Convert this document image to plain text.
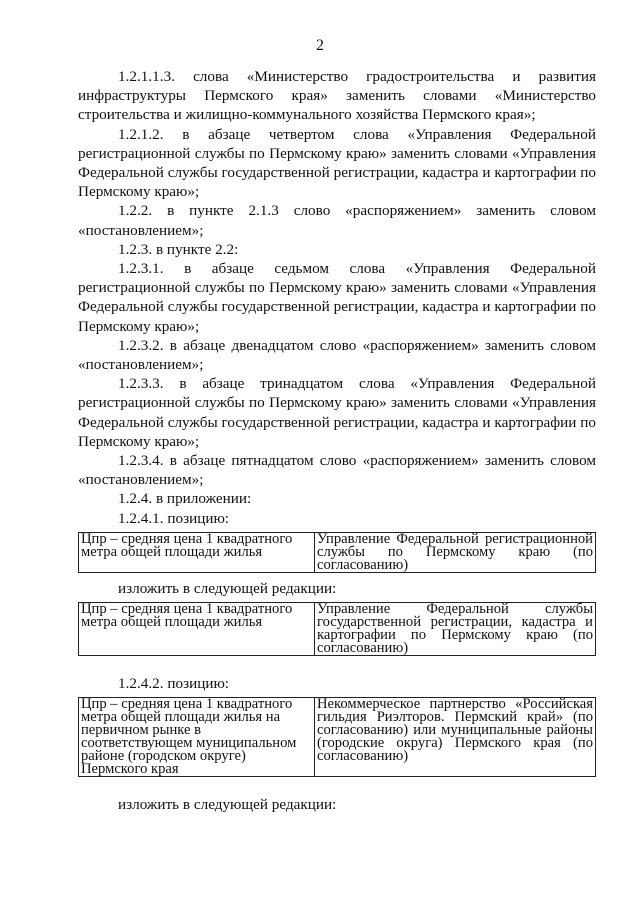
2

1.2.1.1.3. слова «Министерство градостроительства и развития

инфраструктуры Пермского края» заменить словами «Министерство строительства и жилищно-коммунального хозяйства Пермского края»;

1.2.1.2. в абзаце четвертом слова «Управления Федеральной

регистрационной службы по Пермскому краю» заменить словами «Управления Федеральной службы государственной регистрации, кадастра и картографии по Пермскому краю»;

1.2.2. в пункте 2.1.3 слово «распоряжением» заменить словом

«постановлением»;

1.2.3. в пункте 2.2:

1.2.3.1. в абзаце седьмом слова «Управления Федеральной

регистрационной службы по Пермскому краю» заменить словами «Управления Федеральной службы государственной регистрации, кадастра и картографии по Пермскому краю»;

1.2.3.2. в абзаце двенадцатом слово «распоряжением» заменить словом

«постановлением»;

1.2.3.3. в абзаце тринадцатом слова «Управления Федеральной

регистрационной службы по Пермскому краю» заменить словами «Управления Федеральной службы государственной регистрации, кадастра и картографии по Пермскому краю»;

1.2.3.4. в абзаце пятнадцатом слово «распоряжением» заменить словом

«постановлением»;

1.2.4. в приложении:

1.2.4.1. позицию:

Цпр – средняя цена 1 квадратного метра общей площади жилья	Управление Федеральной регистрационной службы по Пермскому краю (по согласованию)

изложить в следующей редакции:

Цпр – средняя цена 1 квадратного метра общей площади жилья	Управление Федеральной службы государственной регистрации, кадастра и картографии по Пермскому краю (по согласованию)

1.2.4.2. позицию:

Цпр – средняя цена 1 квадратного метра общей площади жилья на первичном рынке в соответствующем муниципальном районе (городском округе) Пермского края	Некоммерческое партнерство «Российская гильдия Риэлторов. Пермский край» (по согласованию) или муниципальные районы (городские округа) Пермского края (по согласованию)

изложить в следующей редакции:
